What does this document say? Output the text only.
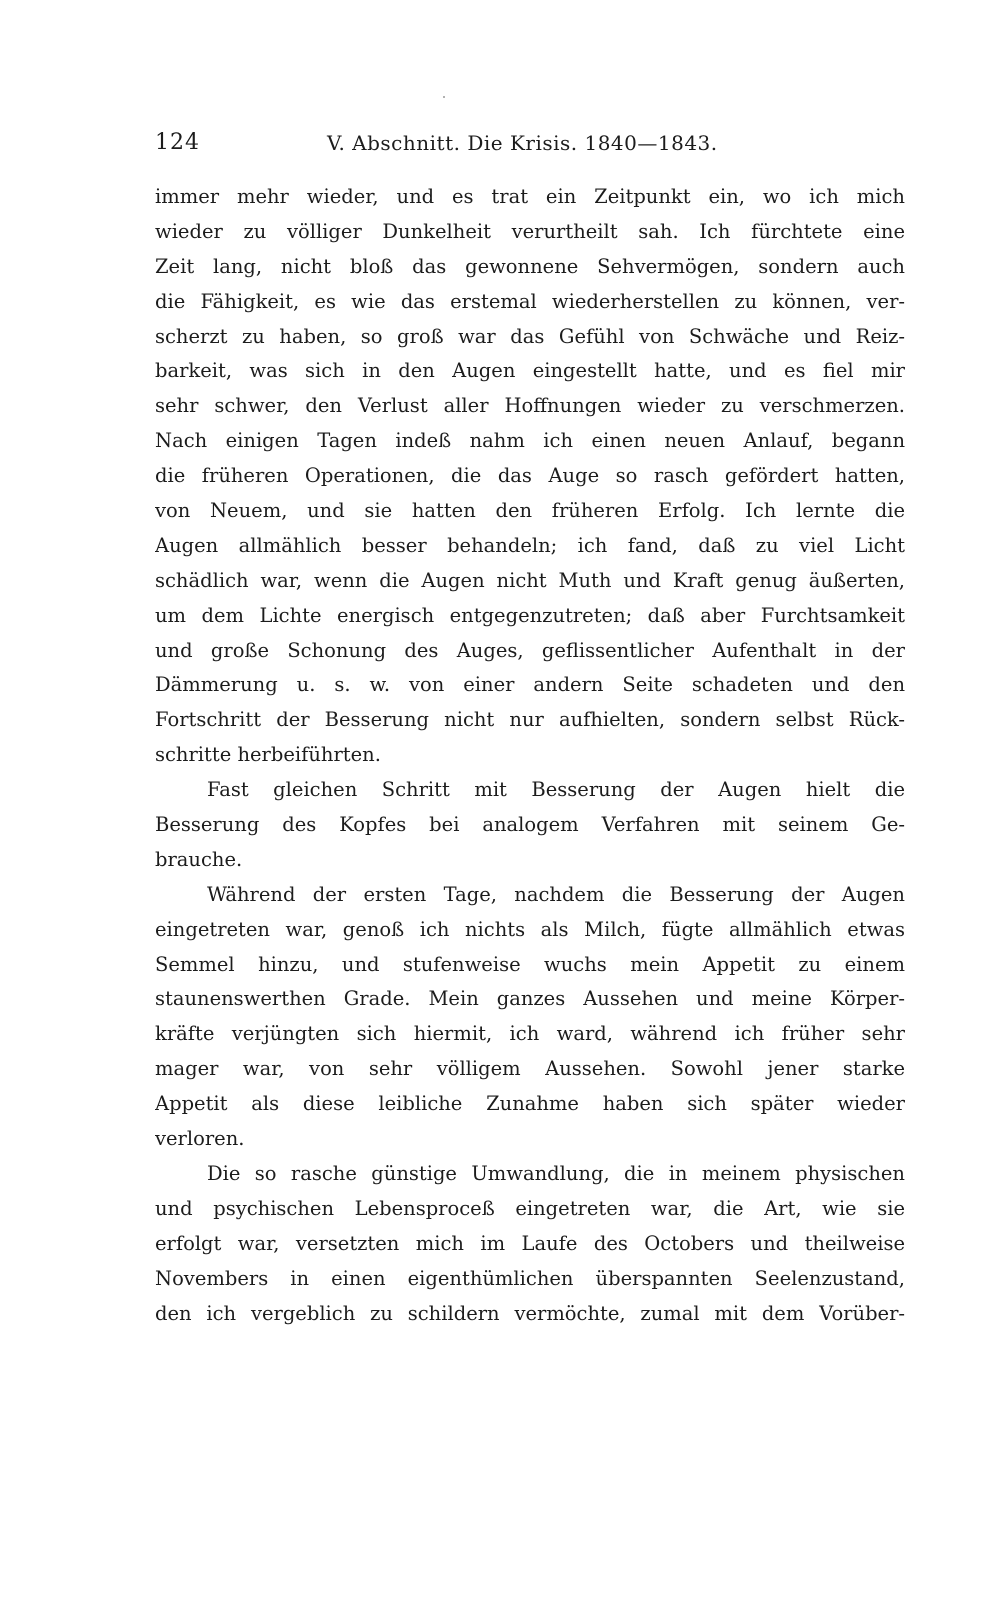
124	V. Abschnitt. Die Krisis. 1840—1843.
immer mehr wieder, und es trat ein Zeitpunkt ein, wo ich mich
wieder zu völliger Dunkelheit verurtheilt sah. Ich fürchtete eine
Zeit lang, nicht bloß das gewonnene Sehvermögen, sondern auch
die Fähigkeit, es wie das erstemal wiederherstellen zu können, ver-
scherzt zu haben, so groß war das Gefühl von Schwäche und Reiz-
barkeit, was sich in den Augen eingestellt hatte, und es fiel mir
sehr schwer, den Verlust aller Hoffnungen wieder zu verschmerzen.
Nach einigen Tagen indeß nahm ich einen neuen Anlauf, begann
die früheren Operationen, die das Auge so rasch gefördert hatten,
von Neuem, und sie hatten den früheren Erfolg. Ich lernte die
Augen allmählich besser behandeln; ich fand, daß zu viel Licht
schädlich war, wenn die Augen nicht Muth und Kraft genug äußerten,
um dem Lichte energisch entgegenzutreten; daß aber Furchtsamkeit
und große Schonung des Auges, geflissentlicher Aufenthalt in der
Dämmerung u. s. w. von einer andern Seite schadeten und den
Fortschritt der Besserung nicht nur aufhielten, sondern selbst Rück-
schritte herbeiführten.
Fast gleichen Schritt mit Besserung der Augen hielt die
Besserung des Kopfes bei analogem Verfahren mit seinem Ge-
brauche.
Während der ersten Tage, nachdem die Besserung der Augen
eingetreten war, genoß ich nichts als Milch, fügte allmählich etwas
Semmel hinzu, und stufenweise wuchs mein Appetit zu einem
staunenswerthen Grade. Mein ganzes Aussehen und meine Körper-
kräfte verjüngten sich hiermit, ich ward, während ich früher sehr
mager war, von sehr völligem Aussehen. Sowohl jener starke
Appetit als diese leibliche Zunahme haben sich später wieder
verloren.
Die so rasche günstige Umwandlung, die in meinem physischen
und psychischen Lebensproceß eingetreten war, die Art, wie sie
erfolgt war, versetzten mich im Laufe des Octobers und theilweise
Novembers in einen eigenthümlichen überspannten Seelenzustand,
den ich vergeblich zu schildern vermöchte, zumal mit dem Vorüber-
